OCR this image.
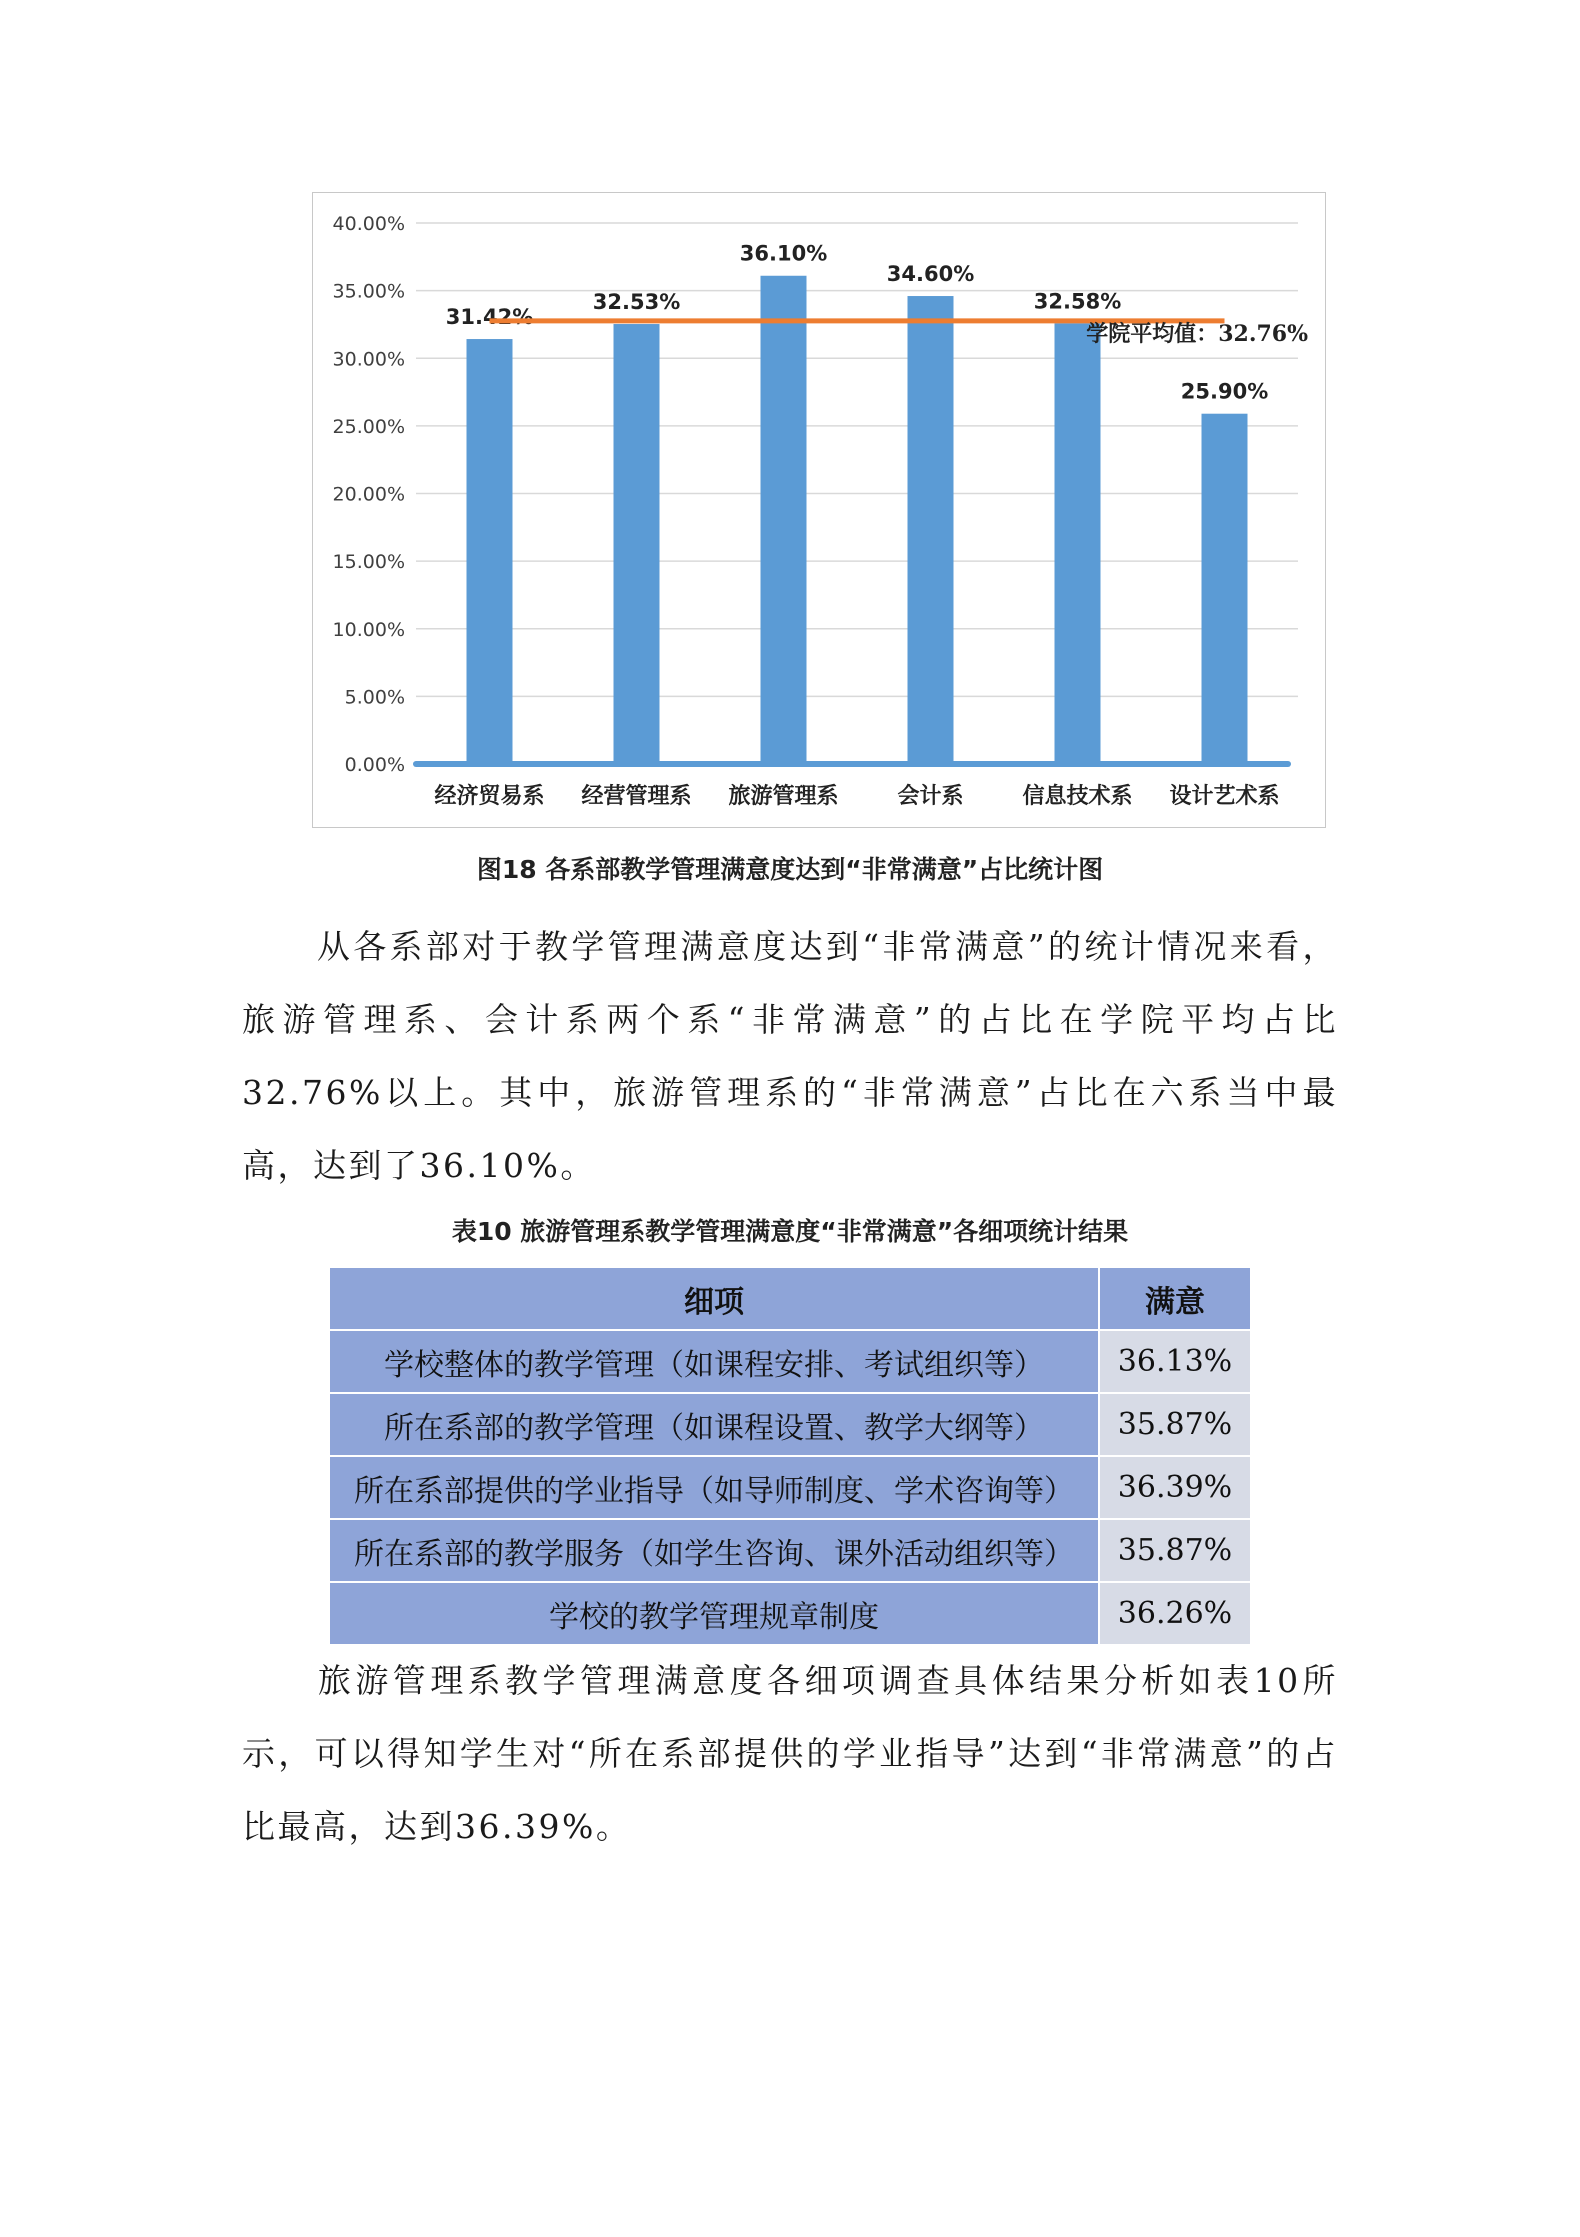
0.00%
5.00%
10.00%
15.00%
20.00%
25.00%
30.00%
35.00%
40.00%
31.42%
经济贸易系
32.53%
经营管理系
36.10%
旅游管理系
34.60%
会计系
32.58%
信息技术系
25.90%
设计艺术系
学院平均值：32.76%
图18 各系部教学管理满意度达到“非常满意”占比统计图

从各系部对于教学管理满意度达到“非常满意”的统计情况来看，旅游管理系、会计系两个系“非常满意”的占比在学院平均占比32.76%以上。其中，旅游管理系的“非常满意”占比在六系当中最高，达到了36.10%。

表10 旅游管理系教学管理满意度“非常满意”各细项统计结果
细项	满意
学校整体的教学管理（如课程安排、考试组织等）	36.13%
所在系部的教学管理（如课程设置、教学大纲等）	35.87%
所在系部提供的学业指导（如导师制度、学术咨询等）	36.39%
所在系部的教学服务（如学生咨询、课外活动组织等）	35.87%
学校的教学管理规章制度	36.26%

旅游管理系教学管理满意度各细项调查具体结果分析如表10所示，可以得知学生对“所在系部提供的学业指导”达到“非常满意”的占比最高，达到36.39%。
